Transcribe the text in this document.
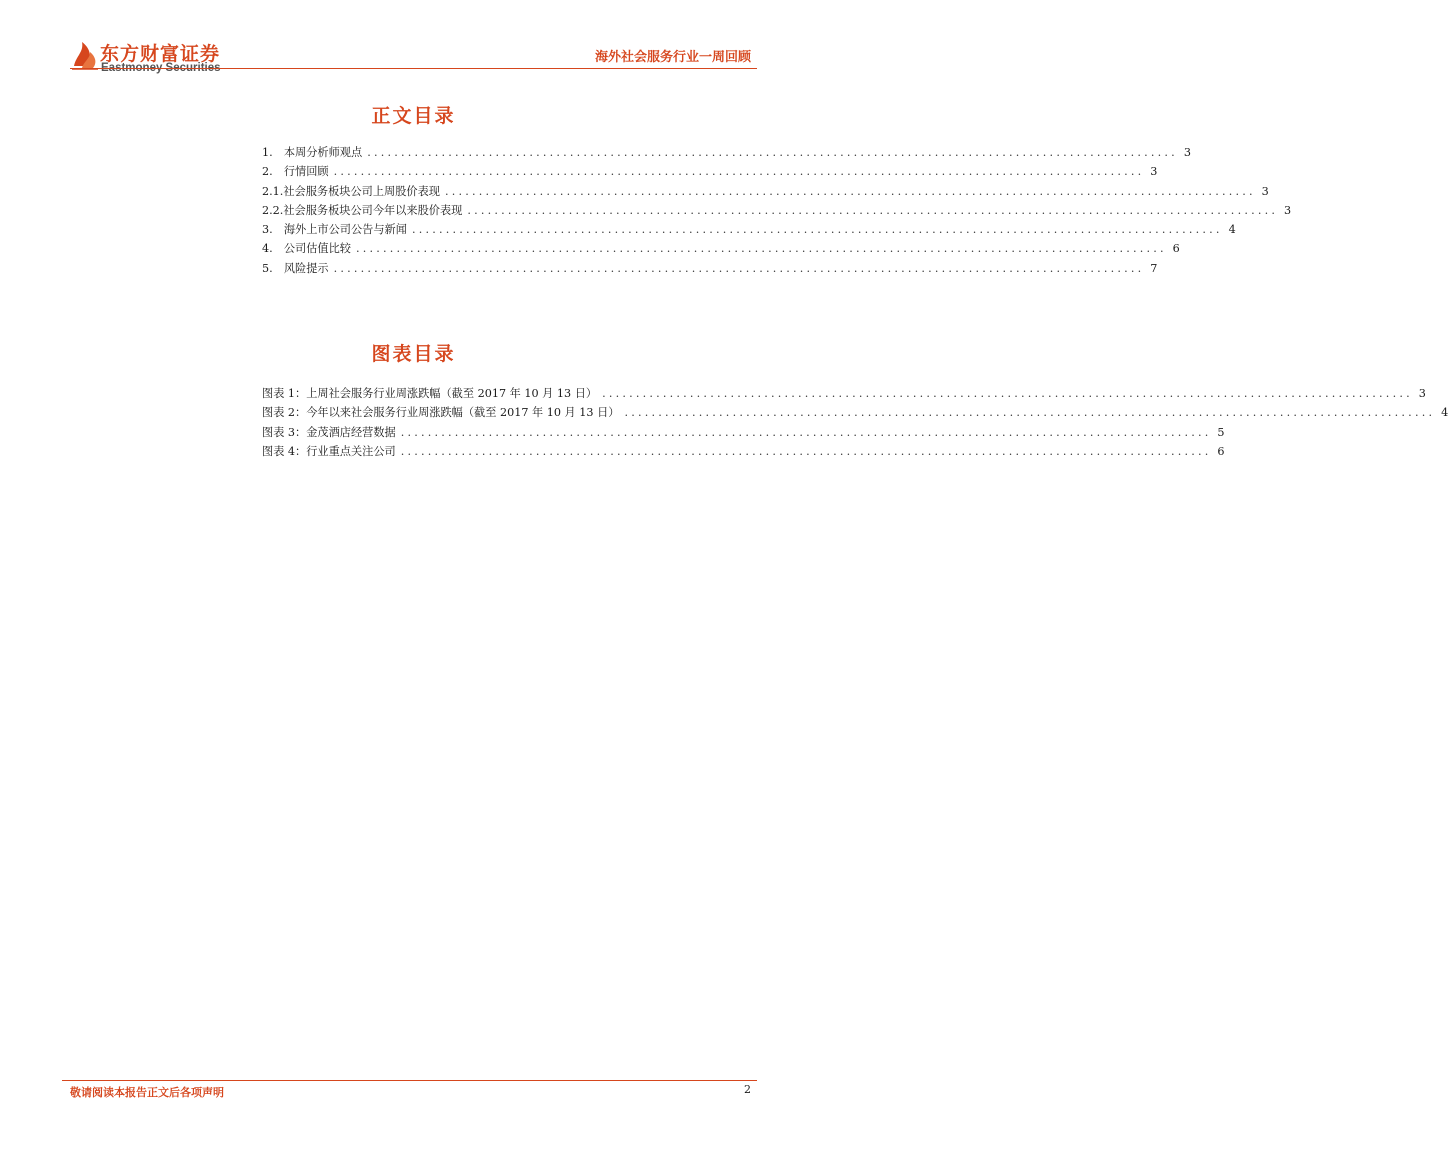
东方财富证券
Eastmoney Securities
海外社会服务行业一周回顾
正文目录
1.　本周分析师观点 ........................................................................................................................ 3
2.　行情回顾 ........................................................................................................................ 3
2.1.社会服务板块公司上周股价表现 ........................................................................................................................ 3
2.2.社会服务板块公司今年以来股价表现 ........................................................................................................................ 3
3.　海外上市公司公告与新闻 ........................................................................................................................ 4
4.　公司估值比较 ........................................................................................................................ 6
5.　风险提示 ........................................................................................................................ 7
图表目录
图表 1：上周社会服务行业周涨跌幅（截至 2017 年 10 月 13 日） ........................................................................................................................ 3
图表 2：今年以来社会服务行业周涨跌幅（截至 2017 年 10 月 13 日） ........................................................................................................................ 4
图表 3：金茂酒店经营数据 ........................................................................................................................ 5
图表 4：行业重点关注公司 ........................................................................................................................ 6
敬请阅读本报告正文后各项声明	2
